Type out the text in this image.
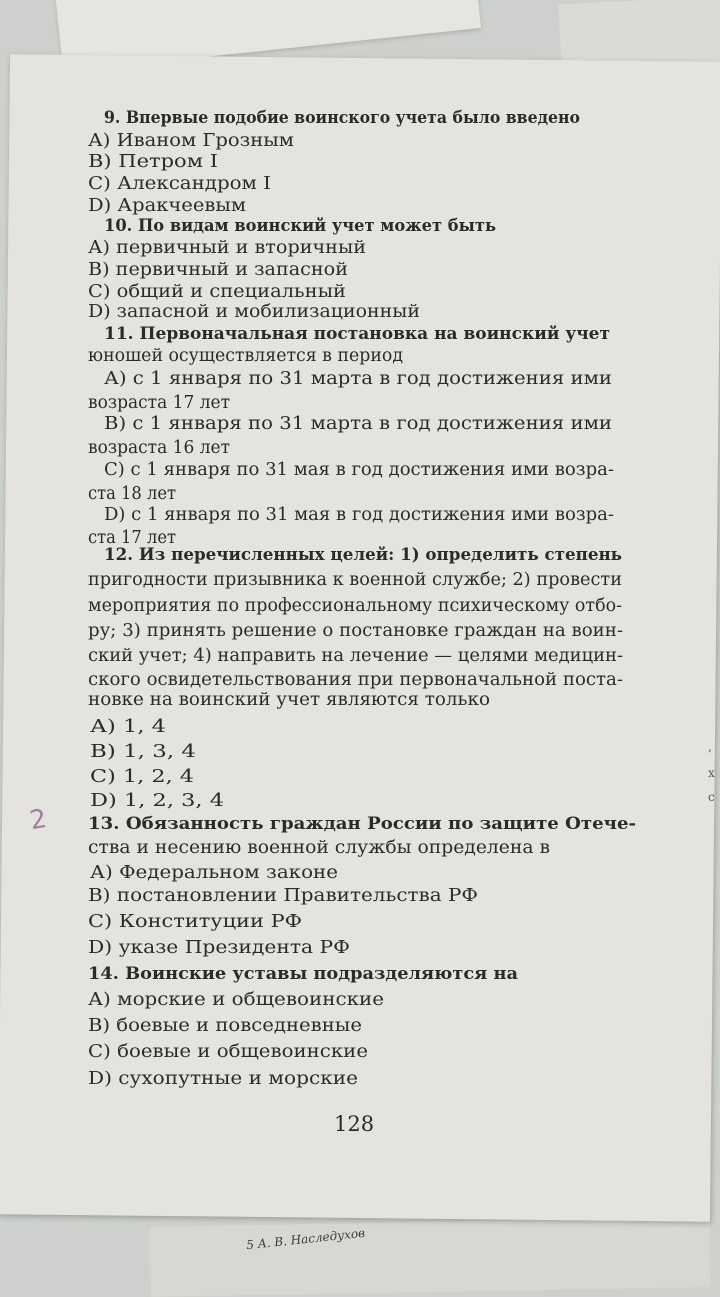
5 А. В. Наследухов
9. Впервые подобие воинского учета было введено
А) Иваном Грозным
В) Петром I
С) Александром I
D) Аракчеевым
10. По видам воинский учет может быть
А) первичный и вторичный
В) первичный и запасной
С) общий и специальный
D) запасной и мобилизационный
11. Первоначальная постановка на воинский учет
юношей осуществляется в период
А) с 1 января по 31 марта в год достижения ими
возраста 17 лет
В) с 1 января по 31 марта в год достижения ими
возраста 16 лет
С) с 1 января по 31 мая в год достижения ими возра-
ста 18 лет
D) с 1 января по 31 мая в год достижения ими возра-
ста 17 лет
12. Из перечисленных целей: 1) определить степень
пригодности призывника к военной службе; 2) провести
мероприятия по профессиональному психическому отбо-
ру; 3) принять решение о постановке граждан на воин-
ский учет; 4) направить на лечение — целями медицин-
ского освидетельствования при первоначальной поста-
новке на воинский учет являются только
А) 1, 4
В) 1, 3, 4
С) 1, 2, 4
D) 1, 2, 3, 4
13. Обязанность граждан России по защите Отече-
ства и несению военной службы определена в
А) Федеральном законе
В) постановлении Правительства РФ
С) Конституции РФ
D) указе Президента РФ
14. Воинские уставы подразделяются на
А) морские и общевоинские
В) боевые и повседневные
С) боевые и общевоинские
D) сухопутные и морские
2
128
,
х
с
